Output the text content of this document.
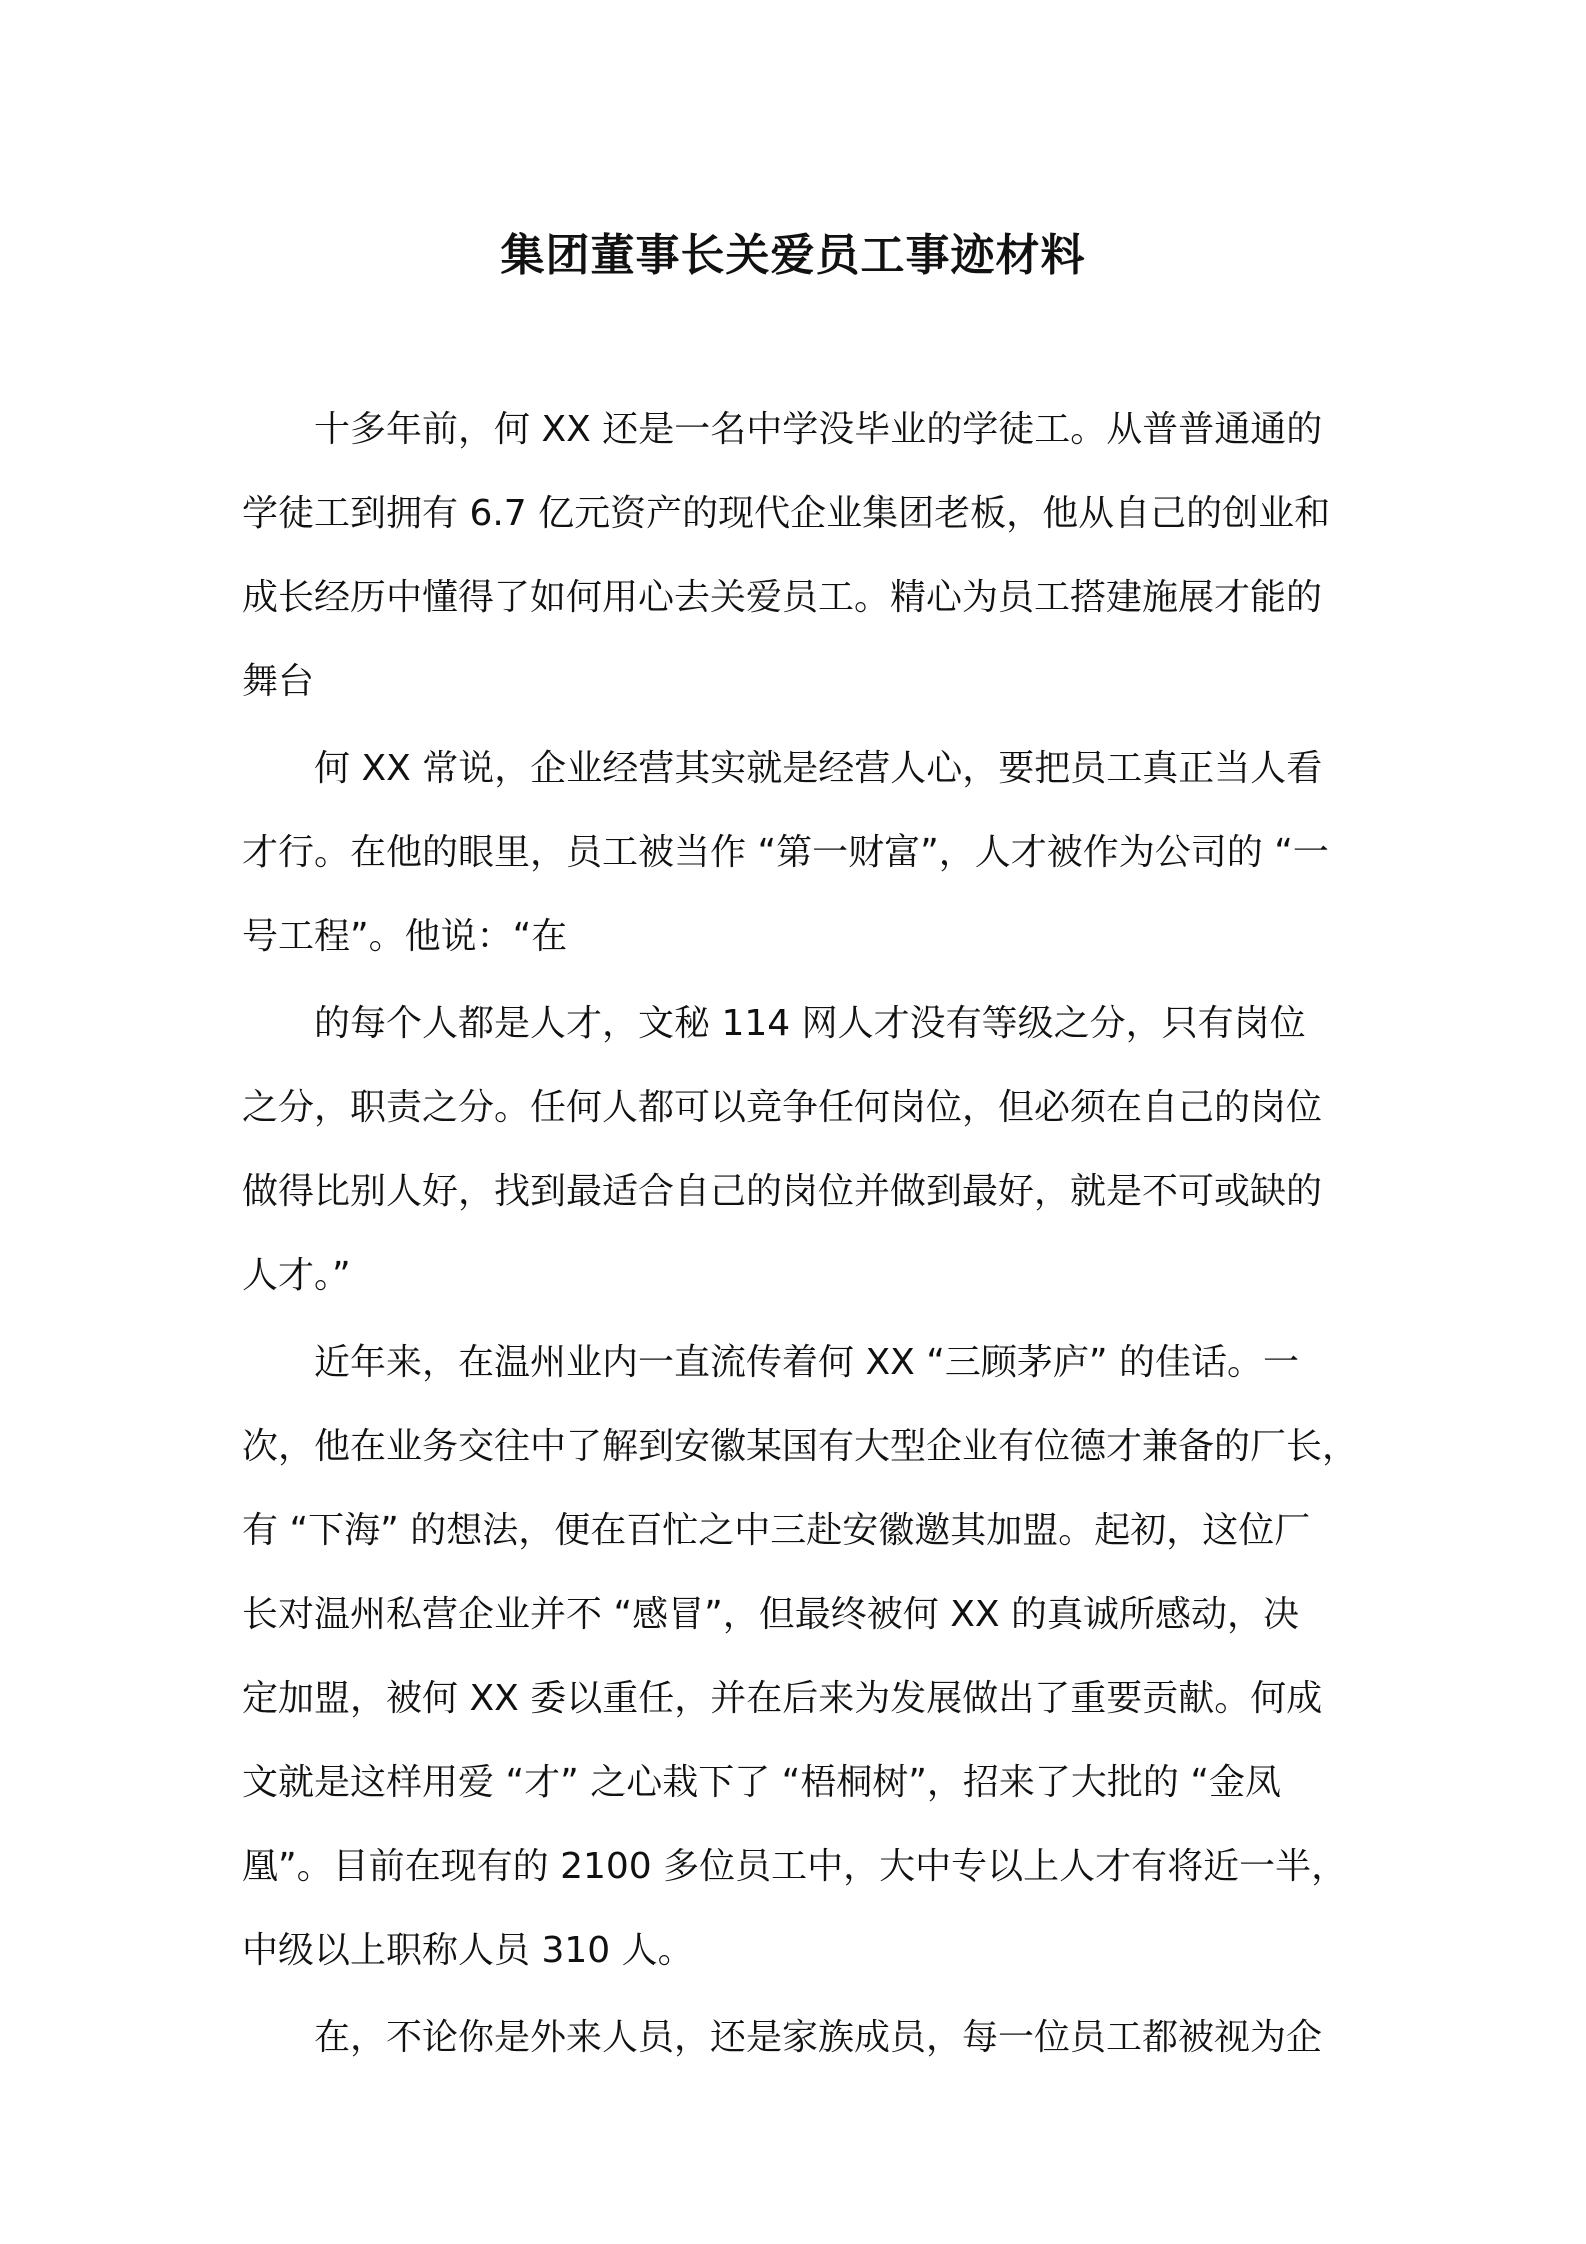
集团董事长关爱员工事迹材料
十多年前，何 XX 还是一名中学没毕业的学徒工。从普普通通的
学徒工到拥有 6.7 亿元资产的现代企业集团老板，他从自己的创业和
成长经历中懂得了如何用心去关爱员工。精心为员工搭建施展才能的
舞台
何 XX 常说，企业经营其实就是经营人心，要把员工真正当人看
才行。在他的眼里，员工被当作 “第一财富”，人才被作为公司的 “一
号工程”。他说：“在
的每个人都是人才，文秘 114 网人才没有等级之分，只有岗位
之分，职责之分。任何人都可以竞争任何岗位，但必须在自己的岗位
做得比别人好，找到最适合自己的岗位并做到最好，就是不可或缺的
人才。”
近年来，在温州业内一直流传着何 XX “三顾茅庐” 的佳话。一
次，他在业务交往中了解到安徽某国有大型企业有位德才兼备的厂长，
有 “下海” 的想法，便在百忙之中三赴安徽邀其加盟。起初，这位厂
长对温州私营企业并不 “感冒”，但最终被何 XX 的真诚所感动，决
定加盟，被何 XX 委以重任，并在后来为发展做出了重要贡献。何成
文就是这样用爱 “才” 之心栽下了 “梧桐树”，招来了大批的 “金凤
凰”。目前在现有的 2100 多位员工中，大中专以上人才有将近一半，
中级以上职称人员 310 人。
在，不论你是外来人员，还是家族成员，每一位员工都被视为企
